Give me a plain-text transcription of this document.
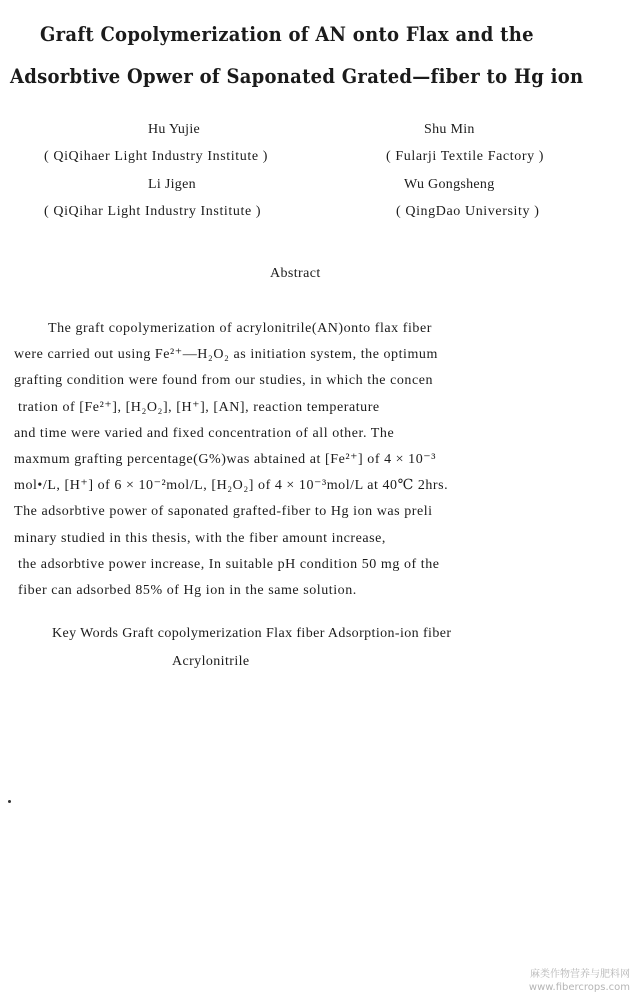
Graft Copolymerization of AN onto Flax and the
Adsorbtive Opwer of Saponated Grated—fiber to Hg ion
Hu Yujie	Shu Min
( QiQihaer Light Industry Institute )	( Fularji Textile Factory )
Li Jigen	Wu Gongsheng
( QiQihar Light Industry Institute )	( QingDao University )
Abstract
The graft copolymerization of acrylonitrile(AN)onto flax fiber
were carried out using Fe²⁺—H₂O₂ as initiation system, the optimum
grafting condition were found from our studies, in which the concen
tration of [Fe²⁺], [H₂O₂], [H⁺], [AN], reaction temperature
and time were varied and fixed concentration of all other. The
maxmum grafting percentage(G%)was abtained at [Fe²⁺] of 4 × 10⁻³
mol•/L, [H⁺] of 6 × 10⁻²mol/L, [H₂O₂] of 4 × 10⁻³mol/L at 40℃ 2hrs.
The adsorbtive power of saponated grafted-fiber to Hg ion was preli
minary studied in this thesis, with the fiber amount increase,
the adsorbtive power increase, In suitable pH condition 50 mg of the
fiber can adsorbed 85% of Hg ion in the same solution.
Key Words Graft copolymerization Flax fiber Adsorption-ion fiber
Acrylonitrile
麻类作物营养与肥料网
www.fibercrops.com
